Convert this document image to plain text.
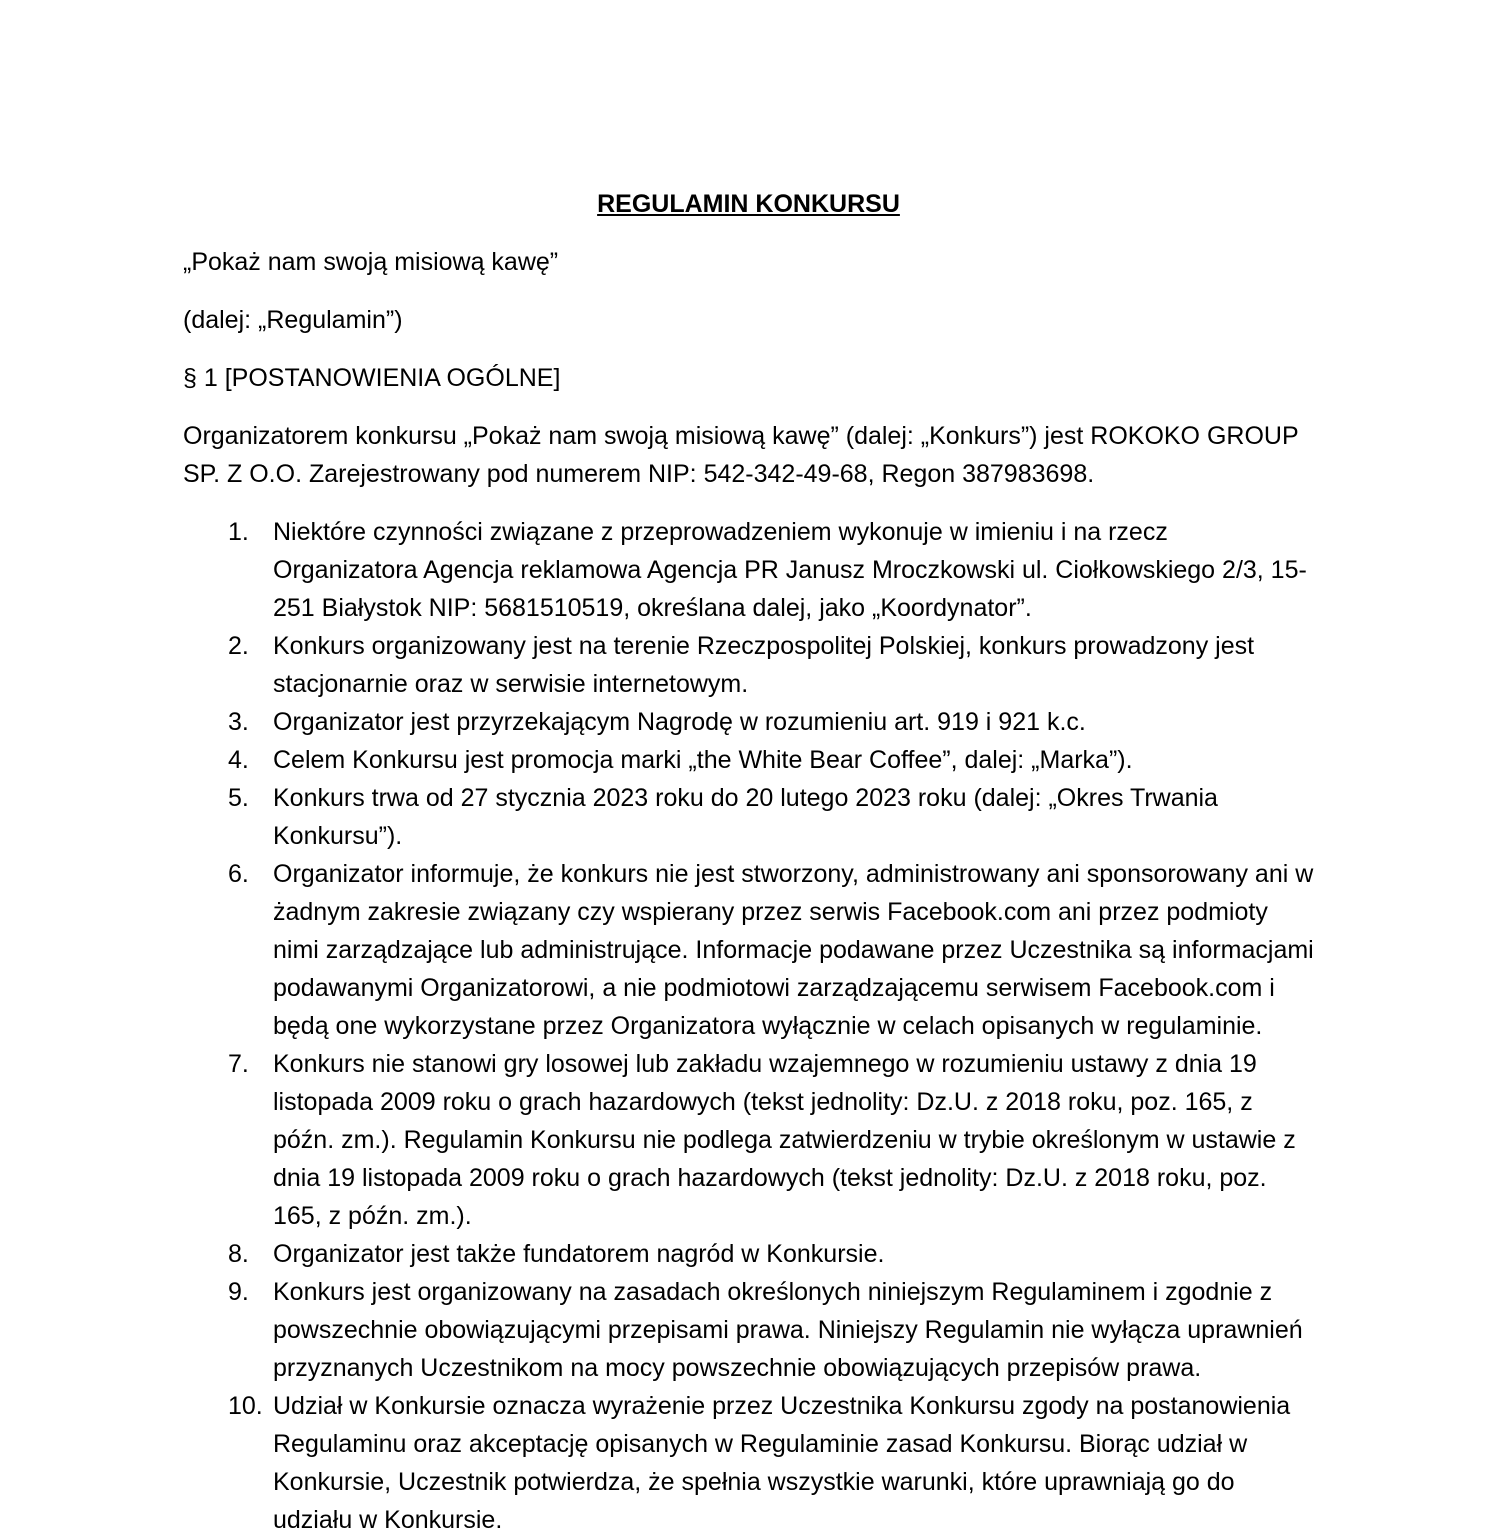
REGULAMIN KONKURSU

„Pokaż nam swoją misiową kawę”

(dalej: „Regulamin”)

§ 1 [POSTANOWIENIA OGÓLNE]

Organizatorem konkursu „Pokaż nam swoją misiową kawę” (dalej: „Konkurs”) jest ROKOKO GROUP SP. Z O.O. Zarejestrowany pod numerem NIP: 542-342-49-68, Regon 387983698.

1. Niektóre czynności związane z przeprowadzeniem wykonuje w imieniu i na rzecz Organizatora Agencja reklamowa Agencja PR Janusz Mroczkowski ul. Ciołkowskiego 2/3, 15-251 Białystok NIP: 5681510519, określana dalej, jako „Koordynator”.
2. Konkurs organizowany jest na terenie Rzeczpospolitej Polskiej, konkurs prowadzony jest stacjonarnie oraz w serwisie internetowym.
3. Organizator jest przyrzekającym Nagrodę w rozumieniu art. 919 i 921 k.c.
4. Celem Konkursu jest promocja marki „the White Bear Coffee”, dalej: „Marka”).
5. Konkurs trwa od 27 stycznia 2023 roku do 20 lutego 2023 roku (dalej: „Okres Trwania Konkursu”).
6. Organizator informuje, że konkurs nie jest stworzony, administrowany ani sponsorowany ani w żadnym zakresie związany czy wspierany przez serwis Facebook.com ani przez podmioty nimi zarządzające lub administrujące. Informacje podawane przez Uczestnika są informacjami podawanymi Organizatorowi, a nie podmiotowi zarządzającemu serwisem Facebook.com i będą one wykorzystane przez Organizatora wyłącznie w celach opisanych w regulaminie.
7. Konkurs nie stanowi gry losowej lub zakładu wzajemnego w rozumieniu ustawy z dnia 19 listopada 2009 roku o grach hazardowych (tekst jednolity: Dz.U. z 2018 roku, poz. 165, z późn. zm.). Regulamin Konkursu nie podlega zatwierdzeniu w trybie określonym w ustawie z dnia 19 listopada 2009 roku o grach hazardowych (tekst jednolity: Dz.U. z 2018 roku, poz. 165, z późn. zm.).
8. Organizator jest także fundatorem nagród w Konkursie.
9. Konkurs jest organizowany na zasadach określonych niniejszym Regulaminem i zgodnie z powszechnie obowiązującymi przepisami prawa. Niniejszy Regulamin nie wyłącza uprawnień przyznanych Uczestnikom na mocy powszechnie obowiązujących przepisów prawa.
10. Udział w Konkursie oznacza wyrażenie przez Uczestnika Konkursu zgody na postanowienia Regulaminu oraz akceptację opisanych w Regulaminie zasad Konkursu. Biorąc udział w Konkursie, Uczestnik potwierdza, że spełnia wszystkie warunki, które uprawniają go do udziału w Konkursie.
